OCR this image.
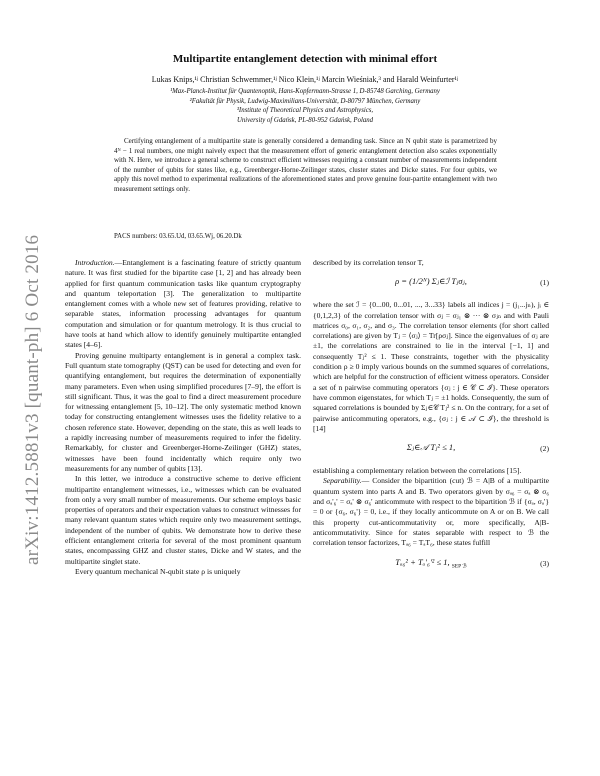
arXiv:1412.5881v3 [quant-ph] 6 Oct 2016
Multipartite entanglement detection with minimal effort
Lukas Knips,¹ʲ Christian Schwemmer,¹ʲ Nico Klein,¹ʲ Marcin Wieśniak,³ and Harald Weinfurter¹ʲ
¹Max-Planck-Institut für Quantenoptik, Hans-Kopfermann-Strasse 1, D-85748 Garching, Germany
²Fakultät für Physik, Ludwig-Maximilians-Universität, D-80797 München, Germany
³Institute of Theoretical Physics and Astrophysics,
University of Gdańsk, PL-80-952 Gdańsk, Poland
Certifying entanglement of a multipartite state is generally considered a demanding task. Since an N qubit state is parametrized by 4ᴺ − 1 real numbers, one might naively expect that the measurement effort of generic entanglement detection also scales exponentially with N. Here, we introduce a general scheme to construct efficient witnesses requiring a constant number of measurements independent of the number of qubits for states like, e.g., Greenberger-Horne-Zeilinger states, cluster states and Dicke states. For four qubits, we apply this novel method to experimental realizations of the aforementioned states and prove genuine four-partite entanglement with two measurement settings only.
PACS numbers: 03.65.Ud, 03.65.Wj, 06.20.Dk

Introduction.—Entanglement is a fascinating feature of strictly quantum nature. It was first studied for the bipartite case [1, 2] and has already been applied for first quantum communication tasks like quantum cryptography and quantum teleportation [3]. The generalization to multipartite entanglement comes with a whole new set of features providing, relative to separable states, information processing advantages for quantum computation and simulation or for quantum metrology. It is thus crucial to have tools at hand which allow to identify genuinely multipartite entangled states [4–6].

Proving genuine multiparty entanglement is in general a complex task. Full quantum state tomography (QST) can be used for detecting and even for quantifying entanglement, but requires the determination of exponentially many parameters. Even when using simplified procedures [7–9], the effort is still significant. Thus, it was the goal to find a direct measurement procedure for witnessing entanglement [5, 10–12]. The only systematic method known today for constructing entanglement witnesses uses the fidelity relative to a chosen reference state. However, depending on the state, this as well leads to a rapidly increasing number of measurements required to infer the fidelity. Remarkably, for cluster and Greenberger-Horne-Zeilinger (GHZ) states, witnesses have been found incidentally which require only two measurements for any number of qubits [13].

In this letter, we introduce a constructive scheme to derive efficient multipartite entanglement witnesses, i.e., witnesses which can be evaluated from only a very small number of measurements. Our scheme employs basic properties of operators and their expectation values to construct witnesses for many relevant quantum states which require only two measurement settings, independent of the number of qubits. We demonstrate how to derive these efficient entanglement criteria for several of the most prominent quantum states, encompassing GHZ and cluster states, Dicke and W states, and the multipartite singlet state.

Every quantum mechanical N-qubit state ρ is uniquely

described by its correlation tensor T,

ρ = (1/2ᴺ) Σⱼ∈ℐ Tⱼσⱼ,	(1)

where the set ℐ = {0...00, 0...01, ..., 3...33} labels all indices j = (j₁...jₙ), jᵢ ∈ {0,1,2,3} of the correlation tensor with σⱼ = σⱼ₁ ⊗ ··· ⊗ σⱼₙ and with Pauli matrices σ₀, σ₁, σ₂, and σ₃. The correlation tensor elements (for short called correlations) are given by Tⱼ = ⟨σⱼ⟩ = Tr[ρσⱼ]. Since the eigenvalues of σⱼ are ±1, the correlations are constrained to lie in the interval [−1, 1] and consequently Tⱼ² ≤ 1. These constraints, together with the physicality condition ρ ≥ 0 imply various bounds on the summed squares of correlations, which are helpful for the construction of efficient witness operators. Consider a set of n pairwise commuting operators {σⱼ : j ∈ 𝒞 ⊂ ℐ}. These operators have common eigenstates, for which Tⱼ = ±1 holds. Consequently, the sum of squared correlations is bounded by Σⱼ∈𝒞 Tⱼ² ≤ n. On the contrary, for a set of pairwise anticommuting operators, e.g., {σⱼ : j ∈ 𝒜 ⊂ ℐ}, the threshold is [14]

Σⱼ∈𝒜 Tⱼ² ≤ 1,	(2)

establishing a complementary relation between the correlations [15].

Separability.— Consider the bipartition (cut) ℬ = A|B of a multipartite quantum system into parts A and B. Two operators given by σₐ₆ = σₐ ⊗ σ₆ and σₐ'₆' = σₐ' ⊗ σ₆' anticommute with respect to the bipartition ℬ if {σₐ, σₐ'} = 0 or {σ₆, σ₆'} = 0, i.e., if they locally anticommute on A or on B. We call this property cut-anticommutativity or, more specifically, A|B-anticommutativity. Since for states separable with respect to ℬ the correlation tensor factorizes, Tₐ₆ = TₐT₆, these states fulfill

Tₐ₆² + Tₐ'₆'² ≤ 1, $_{SEP ℬ}$	(3)
